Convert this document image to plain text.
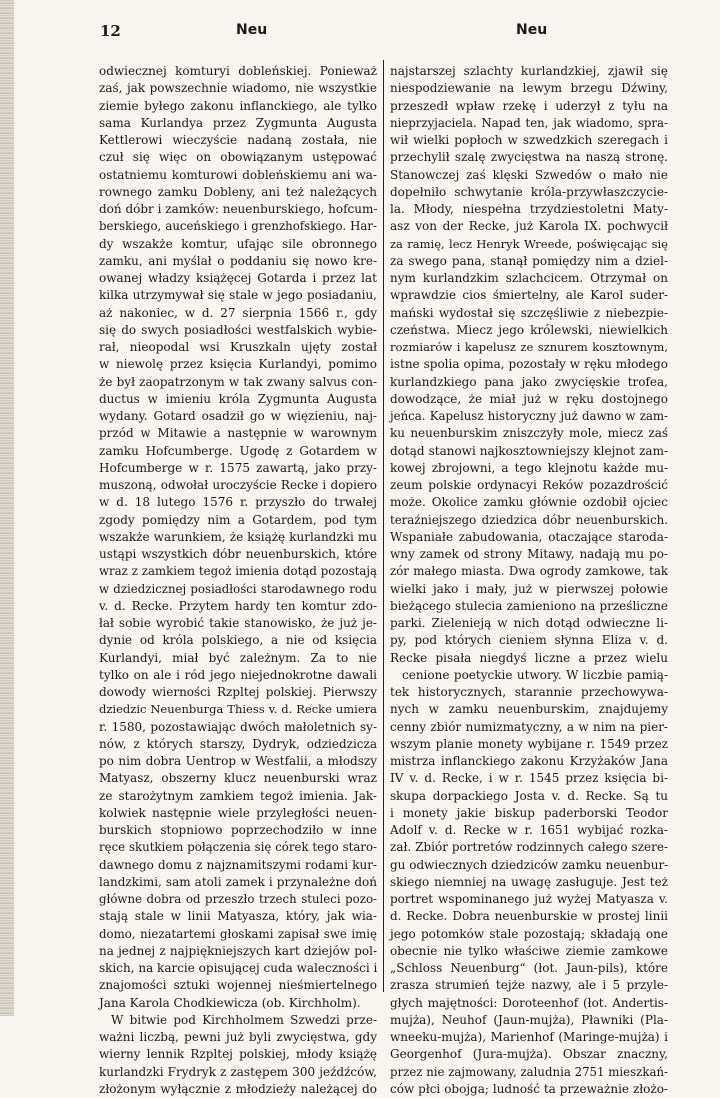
12	Neu	Neu
odwiecznej komturyi dobleńskiej. Ponieważ
zaś, jak powszechnie wiadomo, nie wszystkie
ziemie byłego zakonu inflanckiego, ale tylko
sama Kurlandya przez Zygmunta Augusta
Kettlerowi wieczyście nadaną została, nie
czuł się więc on obowiązanym ustępować
ostatniemu komturowi dobleńskiemu ani wa-
rownego zamku Dobleny, ani też należących
doń dóbr i zamków: neuenburskiego, hofcum-
berskiego, auceńskiego i grenzhofskiego. Har-
dy wszakże komtur, ufając sile obronnego
zamku, ani myślał o poddaniu się nowo kre-
owanej władzy książęcej Gotarda i przez lat
kilka utrzymywał się stale w jego posiadaniu,
aż nakoniec, w d. 27 sierpnia 1566 r., gdy
się do swych posiadłości westfalskich wybie-
rał, nieopodal wsi Kruszkaln ujęty został
w niewolę przez księcia Kurlandyi, pomimo
że był zaopatrzonym w tak zwany salvus con-
ductus w imieniu króla Zygmunta Augusta
wydany. Gotard osadził go w więzieniu, naj-
przód w Mitawie a następnie w warownym
zamku Hofcumberge. Ugodę z Gotardem w
Hofcumberge w r. 1575 zawartą, jako przy-
muszoną, odwołał uroczyście Recke i dopiero
w d. 18 lutego 1576 r. przyszło do trwałej
zgody pomiędzy nim a Gotardem, pod tym
wszakże warunkiem, że książę kurlandzki mu
ustąpi wszystkich dóbr neuenburskich, które
wraz z zamkiem tegoż imienia dotąd pozostają
w dziedzicznej posiadłości starodawnego rodu
v. d. Recke. Przytem hardy ten komtur zdo-
łał sobie wyrobić takie stanowisko, że już je-
dynie od króla polskiego, a nie od księcia
Kurlandyi, miał być zależnym. Za to nie
tylko on ale i ród jego niejednokrotne dawali
dowody wierności Rzpltej polskiej. Pierwszy
dziedzic Neuenburga Thiess v. d. Recke umiera
r. 1580, pozostawiając dwóch małoletnich sy-
nów, z których starszy, Dydryk, odziedzicza
po nim dobra Uentrop w Westfalii, a młodszy
Matyasz, obszerny klucz neuenburski wraz
ze starożytnym zamkiem tegoż imienia. Jak-
kolwiek następnie wiele przyległości neuen-
burskich stopniowo poprzechodziło w inne
ręce skutkiem połączenia się córek tego staro-
dawnego domu z najznamitszymi rodami kur-
landzkimi, sam atoli zamek i przynależne doń
główne dobra od przeszło trzech stuleci pozo-
stają stale w linii Matyasza, który, jak wia-
domo, niezatartemi głoskami zapisał swe imię
na jednej z najpiękniejszych kart dziejów pol-
skich, na karcie opisującej cuda waleczności i
znajomości sztuki wojennej nieśmiertelnego
Jana Karola Chodkiewicza (ob. Kirchholm).
W bitwie pod Kirchholmem Szwedzi prze-
ważni liczbą, pewni już byli zwycięstwa, gdy
wierny lennik Rzpltej polskiej, młody książę
kurlandzki Frydryk z zastępem 300 jeźdźców,
złożonym wyłącznie z młodzieży należącej do
najstarszej szlachty kurlandzkiej, zjawił się
niespodziewanie na lewym brzegu Dźwiny,
przeszedł wpław rzekę i uderzył z tyłu na
nieprzyjaciela. Napad ten, jak wiadomo, spra-
wił wielki popłoch w szwedzkich szeregach i
przechylił szalę zwycięstwa na naszą stronę.
Stanowczej zaś klęski Szwedów o mało nie
dopełniło schwytanie króla-przywłaszczycie-
la. Młody, niespełna trzydziestoletni Maty-
asz von der Recke, już Karola IX. pochwycił
za ramię, lecz Henryk Wreede, poświęcając się
za swego pana, stanął pomiędzy nim a dziel-
nym kurlandzkim szlachcicem. Otrzymał on
wprawdzie cios śmiertelny, ale Karol suder-
mański wydostał się szczęśliwie z niebezpie-
czeństwa. Miecz jego królewski, niewielkich
rozmiarów i kapelusz ze sznurem kosztownym,
istne spolia opima, pozostały w ręku młodego
kurlandzkiego pana jako zwycięskie trofea,
dowodzące, że miał już w ręku dostojnego
jeńca. Kapelusz historyczny już dawno w zam-
ku neuenburskim zniszczyły mole, miecz zaś
dotąd stanowi najkosztowniejszy klejnot zam-
kowej zbrojowni, a tego klejnotu każde mu-
zeum polskie ordynacyi Reków pozazdrościć
może. Okolice zamku głównie ozdobił ojciec
teraźniejszego dziedzica dóbr neuenburskich.
Wspaniałe zabudowania, otaczające staroda-
wny zamek od strony Mitawy, nadają mu po-
zór małego miasta. Dwa ogrody zamkowe, tak
wielki jako i mały, już w pierwszej połowie
bieżącego stulecia zamieniono na prześliczne
parki. Zielenieją w nich dotąd odwieczne li-
py, pod których cieniem słynna Eliza v. d.
Recke pisała niegdyś liczne a przez wielu
cenione poetyckie utwory. W liczbie pamią-
tek historycznych, starannie przechowywa-
nych w zamku neuenburskim, znajdujemy
cenny zbiór numizmatyczny, a w nim na pier-
wszym planie monety wybijane r. 1549 przez
mistrza inflanckiego zakonu Krzyżaków Jana
IV v. d. Recke, i w r. 1545 przez księcia bi-
skupa dorpackiego Josta v. d. Recke. Są tu
i monety jakie biskup paderborski Teodor
Adolf v. d. Recke w r. 1651 wybijać rozka-
zał. Zbiór portretów rodzinnych całego szere-
gu odwiecznych dziedziców zamku neuenbur-
skiego niemniej na uwagę zasługuje. Jest też
portret wspominanego już wyżej Matyasza v.
d. Recke. Dobra neuenburskie w prostej linii
jego potomków stale pozostają; składają one
obecnie nie tylko właściwe ziemie zamkowe
„Schloss Neuenburg“ (łot. Jaun-pils), które
zrasza strumień tejże nazwy, ale i 5 przyle-
głych majętności: Doroteenhof (łot. Andertis-
mujża), Neuhof (Jaun-mujża), Pławniki (Pla-
wneeku-mujża), Marienhof (Maringe-mujża) i
Georgenhof (Jura-mujża). Obszar znaczny,
przez nie zajmowany, zaludnia 2751 mieszkań-
ców płci obojga; ludność ta przeważnie złożo-
